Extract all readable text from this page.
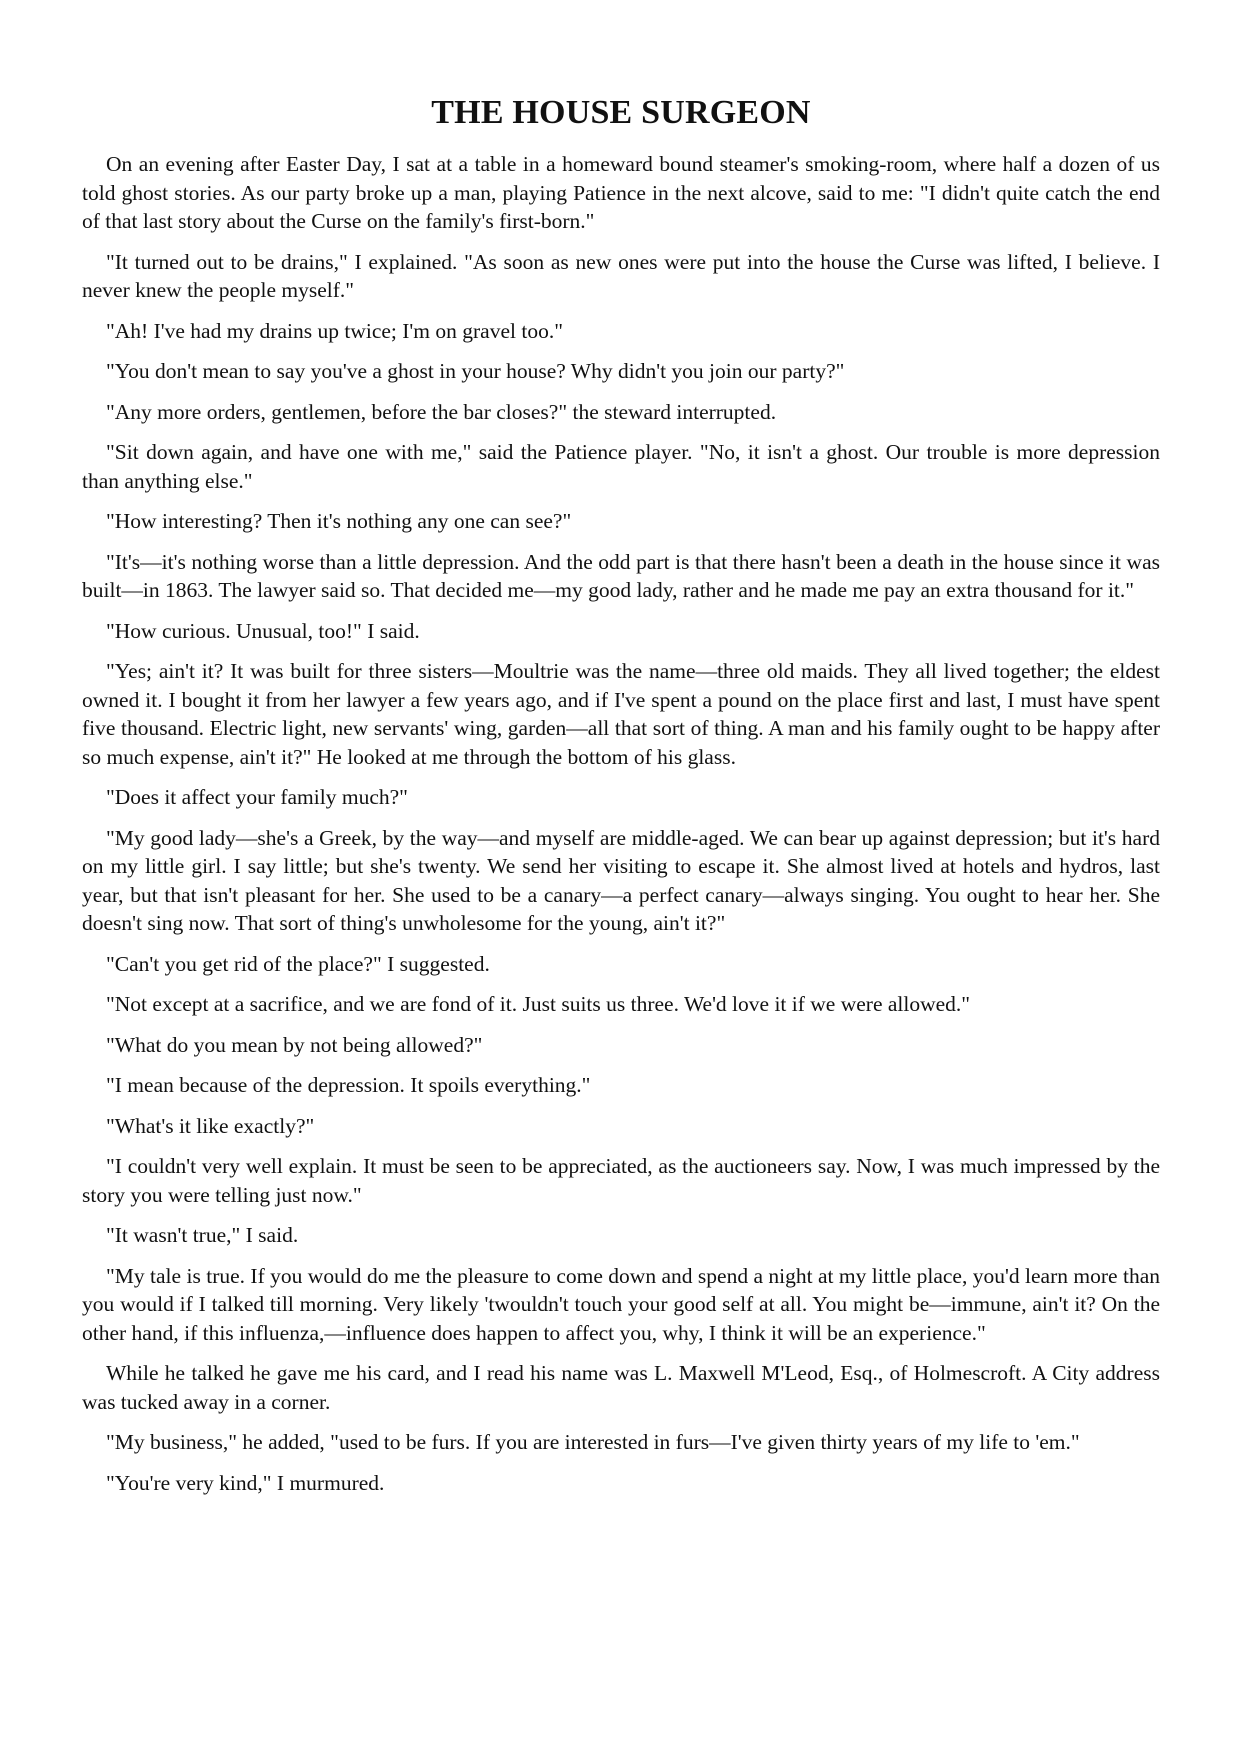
THE HOUSE SURGEON

On an evening after Easter Day, I sat at a table in a homeward bound steamer's smoking-room, where half a dozen of us told ghost stories. As our party broke up a man, playing Patience in the next alcove, said to me: "I didn't quite catch the end of that last story about the Curse on the family's first-born."

"It turned out to be drains," I explained. "As soon as new ones were put into the house the Curse was lifted, I believe. I never knew the people myself."

"Ah! I've had my drains up twice; I'm on gravel too."

"You don't mean to say you've a ghost in your house? Why didn't you join our party?"

"Any more orders, gentlemen, before the bar closes?" the steward interrupted.

"Sit down again, and have one with me," said the Patience player. "No, it isn't a ghost. Our trouble is more depression than anything else."

"How interesting? Then it's nothing any one can see?"

"It's—it's nothing worse than a little depression. And the odd part is that there hasn't been a death in the house since it was built—in 1863. The lawyer said so. That decided me—my good lady, rather and he made me pay an extra thousand for it."

"How curious. Unusual, too!" I said.

"Yes; ain't it? It was built for three sisters—Moultrie was the name—three old maids. They all lived together; the eldest owned it. I bought it from her lawyer a few years ago, and if I've spent a pound on the place first and last, I must have spent five thousand. Electric light, new servants' wing, garden—all that sort of thing. A man and his family ought to be happy after so much expense, ain't it?" He looked at me through the bottom of his glass.

"Does it affect your family much?"

"My good lady—she's a Greek, by the way—and myself are middle-aged. We can bear up against depression; but it's hard on my little girl. I say little; but she's twenty. We send her visiting to escape it. She almost lived at hotels and hydros, last year, but that isn't pleasant for her. She used to be a canary—a perfect canary—always singing. You ought to hear her. She doesn't sing now. That sort of thing's unwholesome for the young, ain't it?"

"Can't you get rid of the place?" I suggested.

"Not except at a sacrifice, and we are fond of it. Just suits us three. We'd love it if we were allowed."

"What do you mean by not being allowed?"

"I mean because of the depression. It spoils everything."

"What's it like exactly?"

"I couldn't very well explain. It must be seen to be appreciated, as the auctioneers say. Now, I was much impressed by the story you were telling just now."

"It wasn't true," I said.

"My tale is true. If you would do me the pleasure to come down and spend a night at my little place, you'd learn more than you would if I talked till morning. Very likely 'twouldn't touch your good self at all. You might be—immune, ain't it? On the other hand, if this influenza,—influence does happen to affect you, why, I think it will be an experience."

While he talked he gave me his card, and I read his name was L. Maxwell M'Leod, Esq., of Holmescroft. A City address was tucked away in a corner.

"My business," he added, "used to be furs. If you are interested in furs—I've given thirty years of my life to 'em."

"You're very kind," I murmured.
